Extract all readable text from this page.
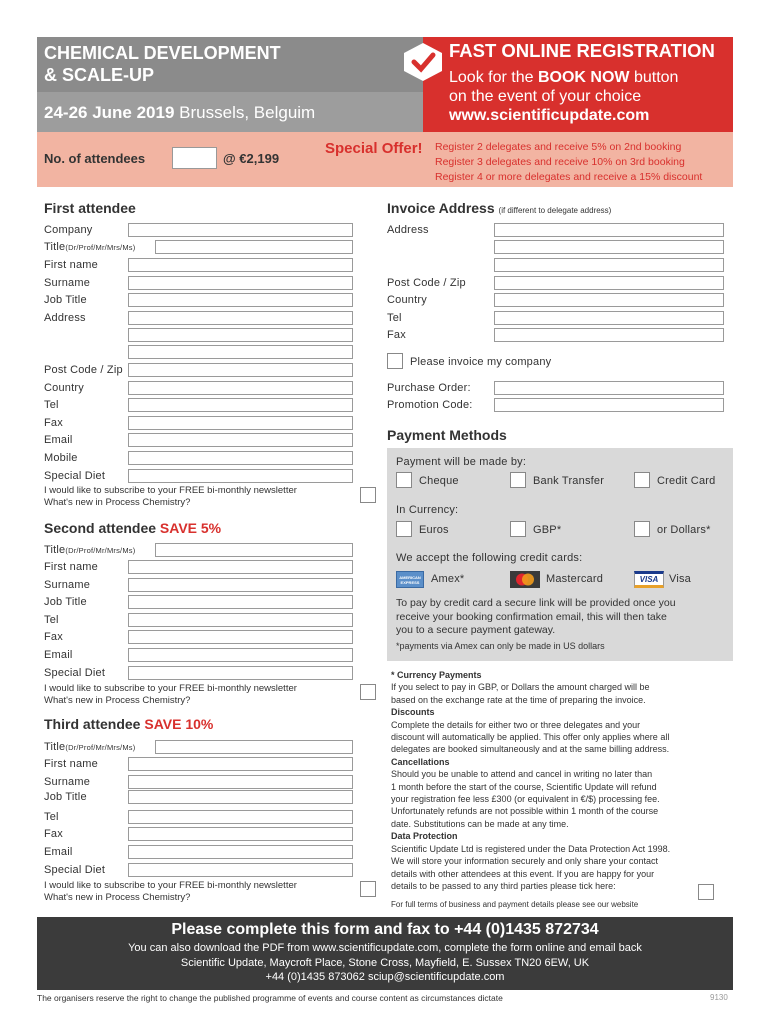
CHEMICAL DEVELOPMENT
& SCALE-UP
24-26 June 2019 Brussels, Belguim
FAST ONLINE REGISTRATION
Look for the BOOK NOW button
on the event of your choice
www.scientificupdate.com
No. of attendees	@ €2,199
Special Offer! Register 2 delegates and receive 5% on 2nd booking
Register 3 delegates and receive 10% on 3rd booking
Register 4 or more delegates and receive a 15% discount
First attendee
Company
Title(Dr/Prof/Mr/Mrs/Ms)
First name
Surname
Job Title
Address
Post Code / Zip
Country
Tel
Fax
Email
Mobile
Special Diet
I would like to subscribe to your FREE bi-monthly newsletter
What's new in Process Chemistry?
Second attendee SAVE 5%
Title(Dr/Prof/Mr/Mrs/Ms)
First name
Surname
Job Title
Tel
Fax
Email
Special Diet
I would like to subscribe to your FREE bi-monthly newsletter
What's new in Process Chemistry?
Third attendee SAVE 10%
Title(Dr/Prof/Mr/Mrs/Ms)
First name
Surname
Job Title
Tel
Fax
Email
Special Diet
I would like to subscribe to your FREE bi-monthly newsletter
What's new in Process Chemistry?
Invoice Address (if different to delegate address)
Address
Post Code / Zip
Country
Tel
Fax
Please invoice my company
Purchase Order:
Promotion Code:
Payment Methods
Payment will be made by:
Cheque	Bank Transfer	Credit Card
In Currency:
Euros	GBP*	or Dollars*
We accept the following credit cards:
AMERICAN EXPRESS	Amex*	Mastercard	VISA Visa
To pay by credit card a secure link will be provided once you
receive your booking confirmation email, this will then take
you to a secure payment gateway.
*payments via Amex can only be made in US dollars
* Currency Payments
If you select to pay in GBP, or Dollars the amount charged will be
based on the exchange rate at the time of preparing the invoice.
Discounts
Complete the details for either two or three delegates and your
discount will automatically be applied. This offer only applies where all
delegates are booked simultaneously and at the same billing address.
Cancellations
Should you be unable to attend and cancel in writing no later than
1 month before the start of the course, Scientific Update will refund
your registration fee less £300 (or equivalent in €/$) processing fee.
Unfortunately refunds are not possible within 1 month of the course
date. Substitutions can be made at any time.
Data Protection
Scientific Update Ltd is registered under the Data Protection Act 1998.
We will store your information securely and only share your contact
details with other attendees at this event. If you are happy for your
details to be passed to any third parties please tick here:
For full terms of business and payment details please see our website
Please complete this form and fax to +44 (0)1435 872734
You can also download the PDF from www.scientificupdate.com, complete the form online and email back
Scientific Update, Maycroft Place, Stone Cross, Mayfield, E. Sussex TN20 6EW, UK
+44 (0)1435 873062 sciup@scientificupdate.com
The organisers reserve the right to change the published programme of events and course content as circumstances dictate	9130
